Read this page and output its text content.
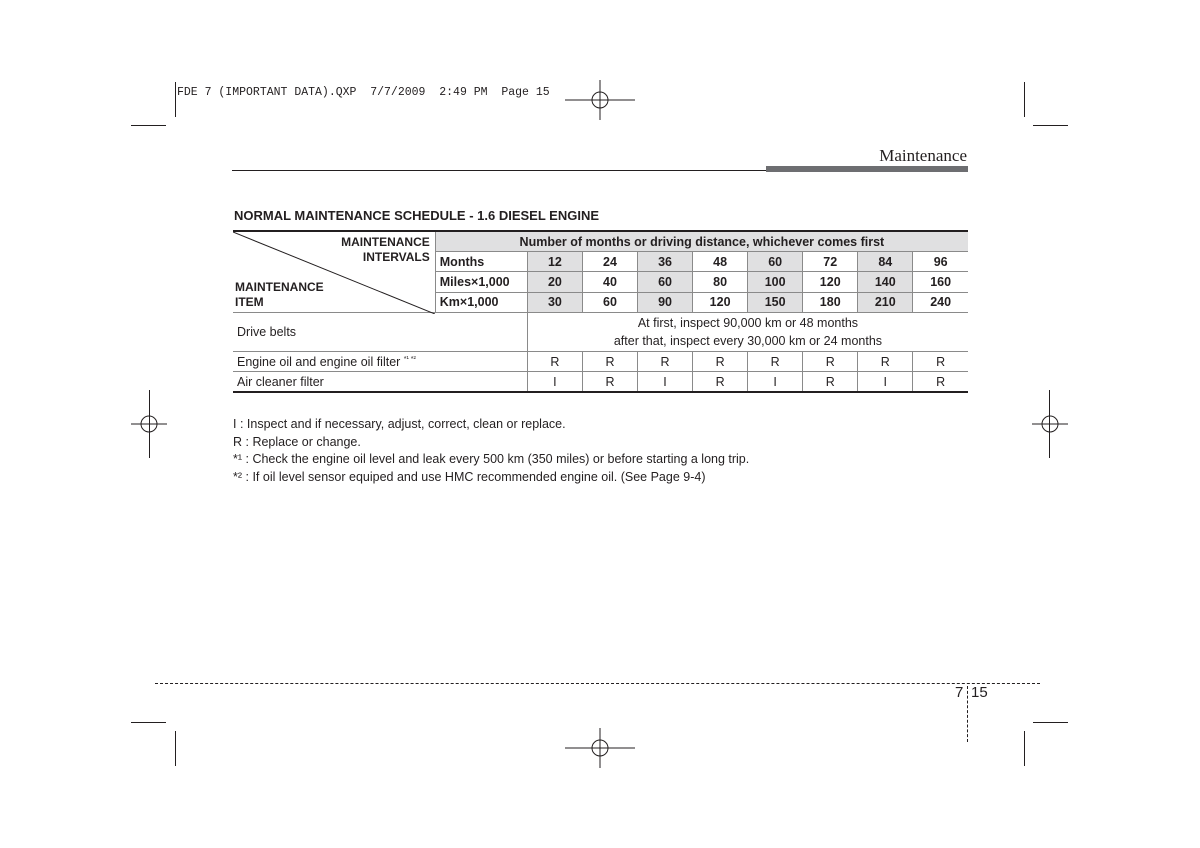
FDE 7 (IMPORTANT DATA).QXP  7/7/2009  2:49 PM  Page 15
Maintenance
NORMAL MAINTENANCE SCHEDULE - 1.6 DIESEL ENGINE
MAINTENANCE
INTERVALS
MAINTENANCE
ITEM	Number of months or driving distance, whichever comes first								
	Months	12	24	36	48	60	72	84	96
	Miles×1,000	20	40	60	80	100	120	140	160
	Km×1,000	30	60	90	120	150	180	210	240
Drive belts		At first, inspect 90,000 km or 48 months
after that, inspect every 30,000 km or 24 months							

Engine oil and engine oil filter $^{*^1 *^2}$		R	R	R	R	R	R	R	R
Air cleaner filter		I	R	I	R	I	R	I	R
I : Inspect and if necessary, adjust, correct, clean or replace.
R : Replace or change.
*¹ : Check the engine oil level and leak every 500 km (350 miles) or before starting a long trip.
*² : If oil level sensor equiped and use HMC recommended engine oil. (See Page 9-4)
7 15
